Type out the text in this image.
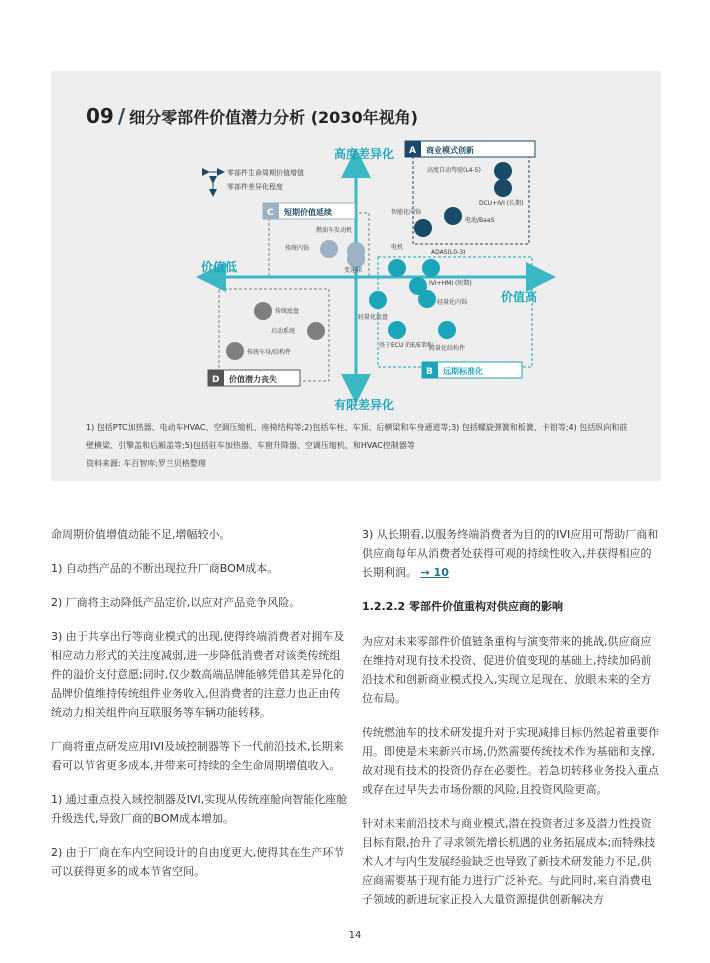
09 / 细分零部件价值潜力分析 (2030年视角)
零部件生命周期价值增值
零部件差异化程度
高度差异化
有限差异化
价值低
价值高
A 商业模式创新
B 远期标准化
C 短期价值延续
D 价值潜力丧失
高度自动驾驶(L4-5)
DCU+IVI (长期)
智能化内饰
电池/BaaS
燃油车发动机
传统内饰
变速箱
电机
ADAS(L0-3)
IVI+HMI (短期)
轻量化内饰
轻量化底盘
基于ECU 的E/E架构
轻量化结构件
传统底盘
启动系统
传统车身/结构件
1) 包括PTC加热器、电动车HVAC、空调压缩机、座椅结构等;2)包括车柱、车顶、后横梁和车身通道等;3) 包括螺旋弹簧和板簧、卡钳等;4) 包括纵向和前壁横梁、引擎盖和后厢盖等;5)包括驻车加热器、车窗升降器、空调压缩机、和HVAC控制器等
资料来源: 车百智库;罗兰贝格整理

命周期价值增值动能不足,增幅较小。

1) 自动挡产品的不断出现拉升厂商BOM成本。

2) 厂商将主动降低产品定价,以应对产品竞争风险。

3) 由于共享出行等商业模式的出现,使得终端消费者对拥车及相应动力形式的关注度减弱,进一步降低消费者对该类传统组件的溢价支付意愿;同时,仅少数高端品牌能够凭借其差异化的品牌价值维持传统组件业务收入,但消费者的注意力也正由传统动力相关组件向互联服务等车辆功能转移。

厂商将重点研发应用IVI及域控制器等下一代前沿技术,长期来看可以节省更多成本,并带来可持续的全生命周期增值收入。

1) 通过重点投入域控制器及IVI,实现从传统座舱向智能化座舱升级迭代,导致厂商的BOM成本增加。

2) 由于厂商在车内空间设计的自由度更大,使得其在生产环节可以获得更多的成本节省空间。

3) 从长期看,以服务终端消费者为目的的IVI应用可帮助厂商和供应商每年从消费者处获得可观的持续性收入,并获得相应的长期利润。 → 10

1.2.2.2 零部件价值重构对供应商的影响

为应对未来零部件价值链条重构与演变带来的挑战,供应商应在维持对现有技术投资、促进价值变现的基础上,持续加码前沿技术和创新商业模式投入,实现立足现在、放眼未来的全方位布局。

传统燃油车的技术研发提升对于实现减排目标仍然起着重要作用。即使是未来新兴市场,仍然需要传统技术作为基础和支撑,故对现有技术的投资仍存在必要性。若急切转移业务投入重点或存在过早失去市场份额的风险,且投资风险更高。

针对未来前沿技术与商业模式,潜在投资者过多及潜力性投资目标有限,抬升了寻求领先增长机遇的业务拓展成本;而特殊技术人才与内生发展经验缺乏也导致了新技术研发能力不足,供应商需要基于现有能力进行广泛补充。与此同时,来自消费电子领域的新进玩家正投入大量资源提供创新解决方

14
